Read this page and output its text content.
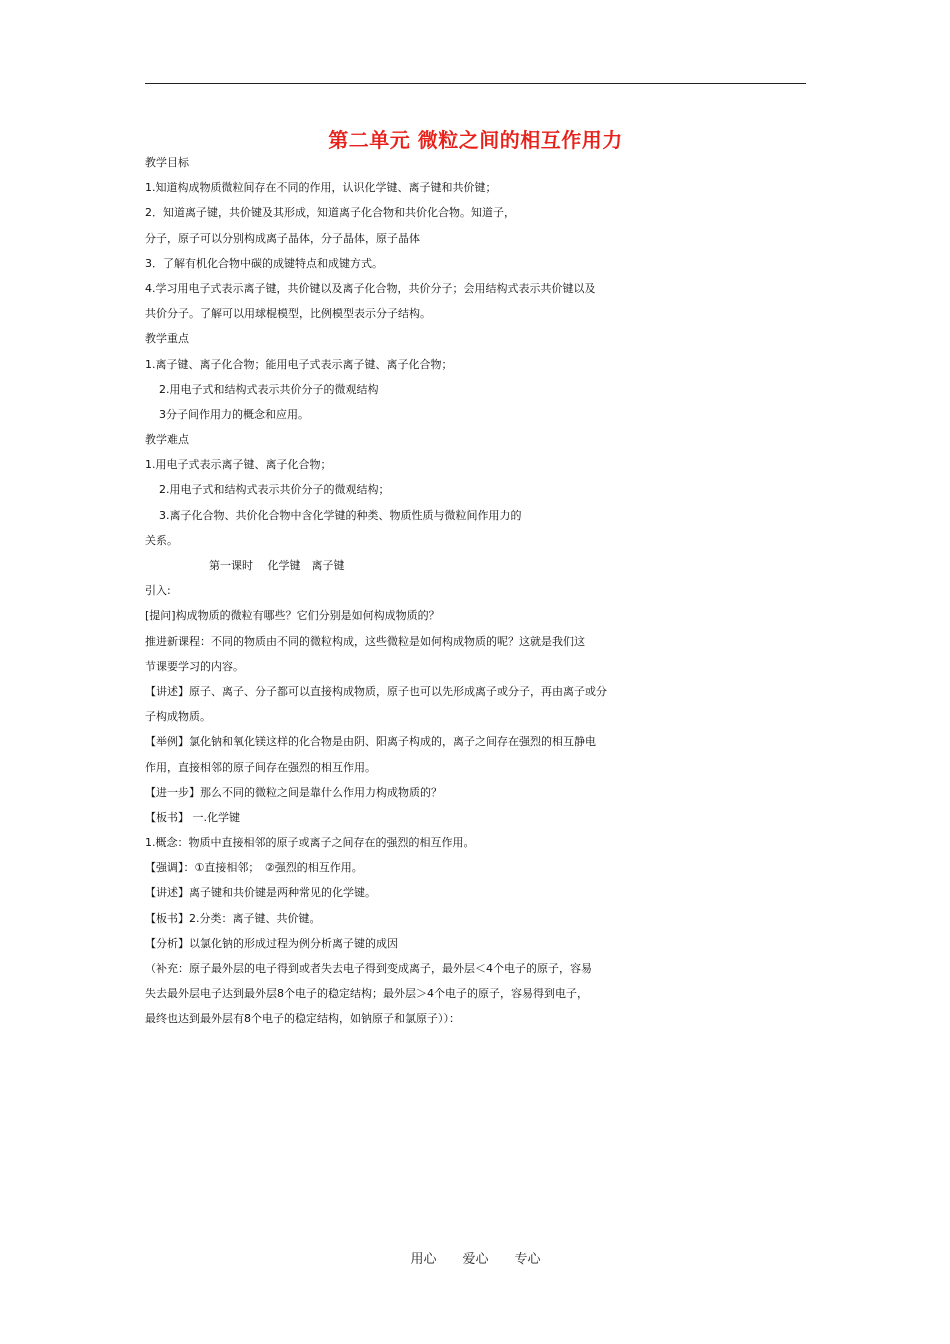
第二单元 微粒之间的相互作用力
教学目标
1.知道构成物质微粒间存在不同的作用，认识化学键、离子键和共价键；
2．知道离子键，共价键及其形成，知道离子化合物和共价化合物。知道子，
分子，原子可以分别构成离子晶体，分子晶体，原子晶体
3．了解有机化合物中碳的成键特点和成键方式。
4.学习用电子式表示离子键，共价键以及离子化合物，共价分子；会用结构式表示共价键以及
共价分子。了解可以用球棍模型，比例模型表示分子结构。
教学重点
1.离子键、离子化合物；能用电子式表示离子键、离子化合物；
2.用电子式和结构式表示共价分子的微观结构
3分子间作用力的概念和应用。
教学难点
1.用电子式表示离子键、离子化合物；
2.用电子式和结构式表示共价分子的微观结构；
3.离子化合物、共价化合物中含化学键的种类、物质性质与微粒间作用力的
关系。
第一课时　 化学键　离子键
引入:
[提问]构成物质的微粒有哪些？它们分别是如何构成物质的？
推进新课程：不同的物质由不同的微粒构成，这些微粒是如何构成物质的呢？这就是我们这
节课要学习的内容。
【讲述】原子、离子、分子都可以直接构成物质，原子也可以先形成离子或分子，再由离子或分
子构成物质。
【举例】氯化钠和氧化镁这样的化合物是由阴、阳离子构成的，离子之间存在强烈的相互静电
作用，直接相邻的原子间存在强烈的相互作用。
【进一步】那么不同的微粒之间是靠什么作用力构成物质的？
【板书】 一.化学键
1.概念：物质中直接相邻的原子或离子之间存在的强烈的相互作用。
【强调】：①直接相邻；　②强烈的相互作用。
【讲述】离子键和共价键是两种常见的化学键。
【板书】2.分类：离子键、共价键。
【分析】以氯化钠的形成过程为例分析离子键的成因
（补充：原子最外层的电子得到或者失去电子得到变成离子，最外层＜4个电子的原子，容易
失去最外层电子达到最外层8个电子的稳定结构；最外层＞4个电子的原子，容易得到电子，
最终也达到最外层有8个电子的稳定结构，如钠原子和氯原子））：
用心　　爱心　　专心
